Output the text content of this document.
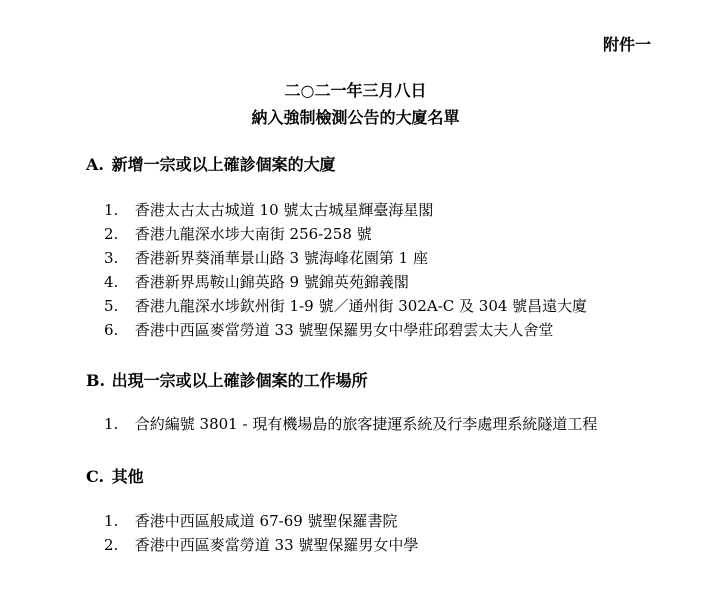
附件一
二○二一年三月八日
納入強制檢測公告的大廈名單
A. 新增一宗或以上確診個案的大廈
1. 香港太古太古城道 10 號太古城星輝臺海星閣
2. 香港九龍深水埗大南街 256-258 號
3. 香港新界葵涌華景山路 3 號海峰花園第 1 座
4. 香港新界馬鞍山錦英路 9 號錦英苑錦義閣
5. 香港九龍深水埗欽州街 1-9 號／通州街 302A-C 及 304 號昌遠大廈
6. 香港中西區麥當勞道 33 號聖保羅男女中學莊邱碧雲太夫人舍堂
B. 出現一宗或以上確診個案的工作場所
1. 合約編號 3801 - 現有機場島的旅客捷運系統及行李處理系統隧道工程
C. 其他
1. 香港中西區般咸道 67-69 號聖保羅書院
2. 香港中西區麥當勞道 33 號聖保羅男女中學
